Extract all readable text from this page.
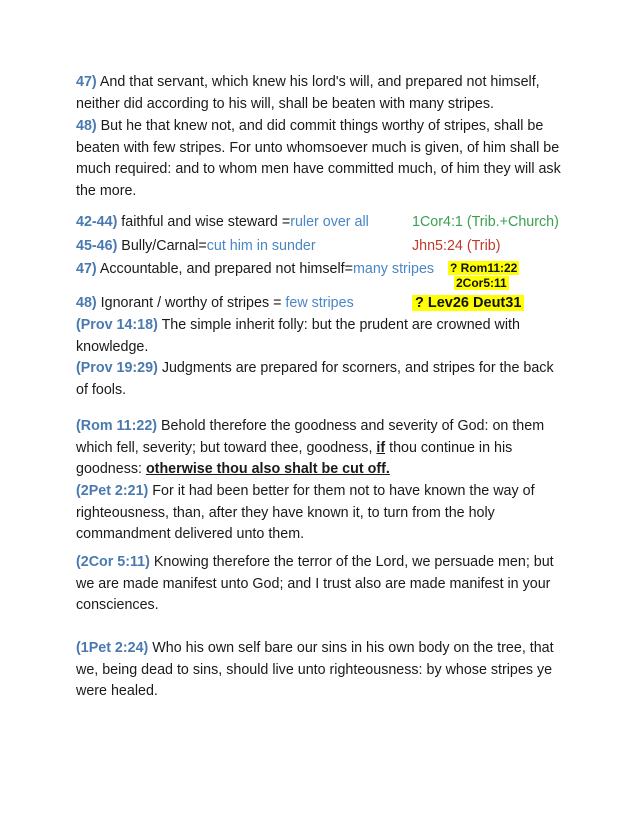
47) And that servant, which knew his lord's will, and prepared not himself, neither did according to his will, shall be beaten with many stripes.
48) But he that knew not, and did commit things worthy of stripes, shall be beaten with few stripes. For unto whomsoever much is given, of him shall be much required: and to whom men have committed much, of him they will ask the more.
42-44) faithful and wise steward =ruler over all	1Cor4:1 (Trib.+Church)
45-46) Bully/Carnal=cut him in sunder	Jhn5:24 (Trib)
47) Accountable, and prepared not himself=many stripes ? Rom11:22
2Cor5:11
48) Ignorant / worthy of stripes = few stripes	? Lev26 Deut31
(Prov 14:18) The simple inherit folly: but the prudent are crowned with knowledge.
(Prov 19:29) Judgments are prepared for scorners, and stripes for the back of fools.
(Rom 11:22) Behold therefore the goodness and severity of God: on them which fell, severity; but toward thee, goodness, if thou continue in his goodness: otherwise thou also shalt be cut off.
(2Pet 2:21) For it had been better for them not to have known the way of righteousness, than, after they have known it, to turn from the holy commandment delivered unto them.
(2Cor 5:11) Knowing therefore the terror of the Lord, we persuade men; but we are made manifest unto God; and I trust also are made manifest in your consciences.
(1Pet 2:24) Who his own self bare our sins in his own body on the tree, that we, being dead to sins, should live unto righteousness: by whose stripes ye were healed.
